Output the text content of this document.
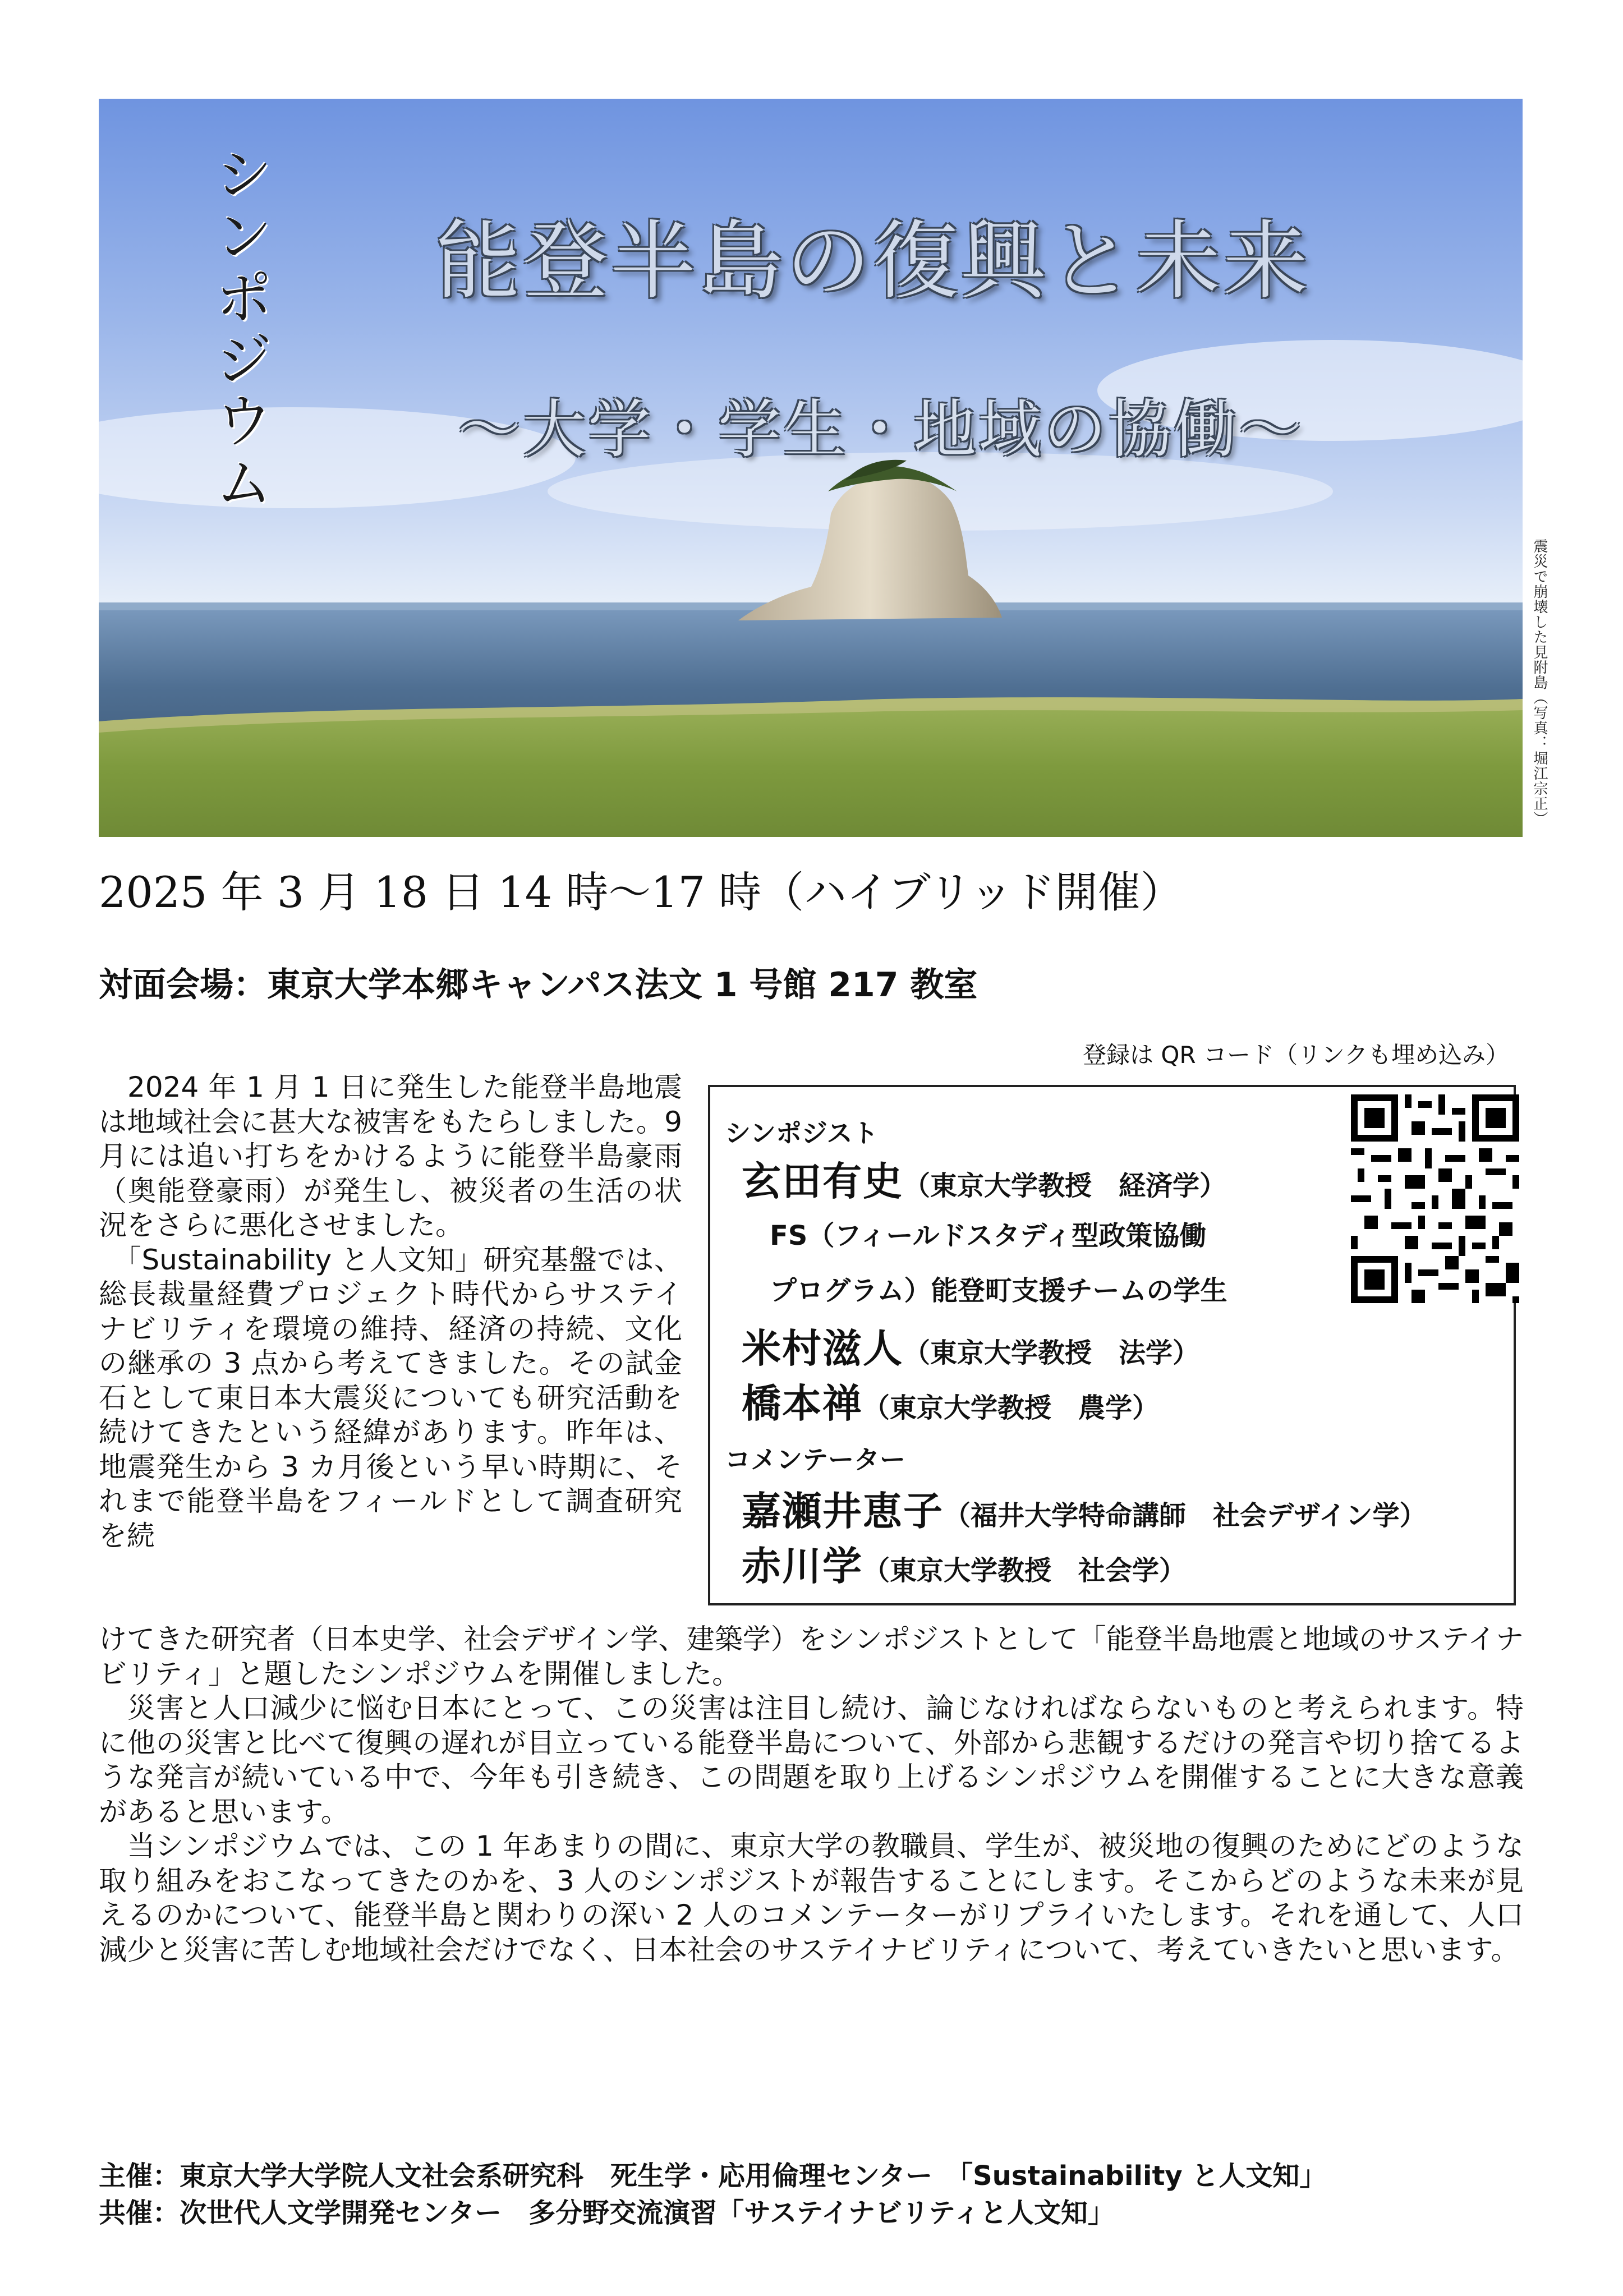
シンポジウム 能登半島の復興と未来
～大学・学生・地域の協働～
震災で崩壊した見附島（写真：堀江宗正）
2025 年 3 月 18 日 14 時～17 時（ハイブリッド開催）
対面会場：東京大学本郷キャンパス法文 1 号館 217 教室
登録は QR コード（リンクも埋め込み）
シンポジスト
玄田有史（東京大学教授　経済学）
FS（フィールドスタディ型政策協働
プログラム）能登町支援チームの学生
米村滋人（東京大学教授　法学）
橋本禅（東京大学教授　農学）
コメンテーター
嘉瀬井恵子（福井大学特命講師　社会デザイン学）
赤川学（東京大学教授　社会学）

　2024 年 1 月 1 日に発生した能登半島地震は地域社会に甚大な被害をもたらしました。9 月には追い打ちをかけるように能登半島豪雨（奥能登豪雨）が発生し、被災者の生活の状況をさらに悪化させました。

　「Sustainability と人文知」研究基盤では、総長裁量経費プロジェクト時代からサステイナビリティを環境の維持、経済の持続、文化の継承の 3 点から考えてきました。その試金石として東日本大震災についても研究活動を続けてきたという経緯があります。昨年は、地震発生から 3 カ月後という早い時期に、それまで能登半島をフィールドとして調査研究を続

けてきた研究者（日本史学、社会デザイン学、建築学）をシンポジストとして「能登半島地震と地域のサステイナビリティ」と題したシンポジウムを開催しました。

　災害と人口減少に悩む日本にとって、この災害は注目し続け、論じなければならないものと考えられます。特に他の災害と比べて復興の遅れが目立っている能登半島について、外部から悲観するだけの発言や切り捨てるような発言が続いている中で、今年も引き続き、この問題を取り上げるシンポジウムを開催することに大きな意義があると思います。

　当シンポジウムでは、この 1 年あまりの間に、東京大学の教職員、学生が、被災地の復興のためにどのような取り組みをおこなってきたのかを、3 人のシンポジストが報告することにします。そこからどのような未来が見えるのかについて、能登半島と関わりの深い 2 人のコメンテーターがリプライいたします。それを通して、人口減少と災害に苦しむ地域社会だけでなく、日本社会のサステイナビリティについて、考えていきたいと思います。

主催：東京大学大学院人文社会系研究科　死生学・応用倫理センター　「Sustainability と人文知」
共催：次世代人文学開発センター　多分野交流演習「サステイナビリティと人文知」
